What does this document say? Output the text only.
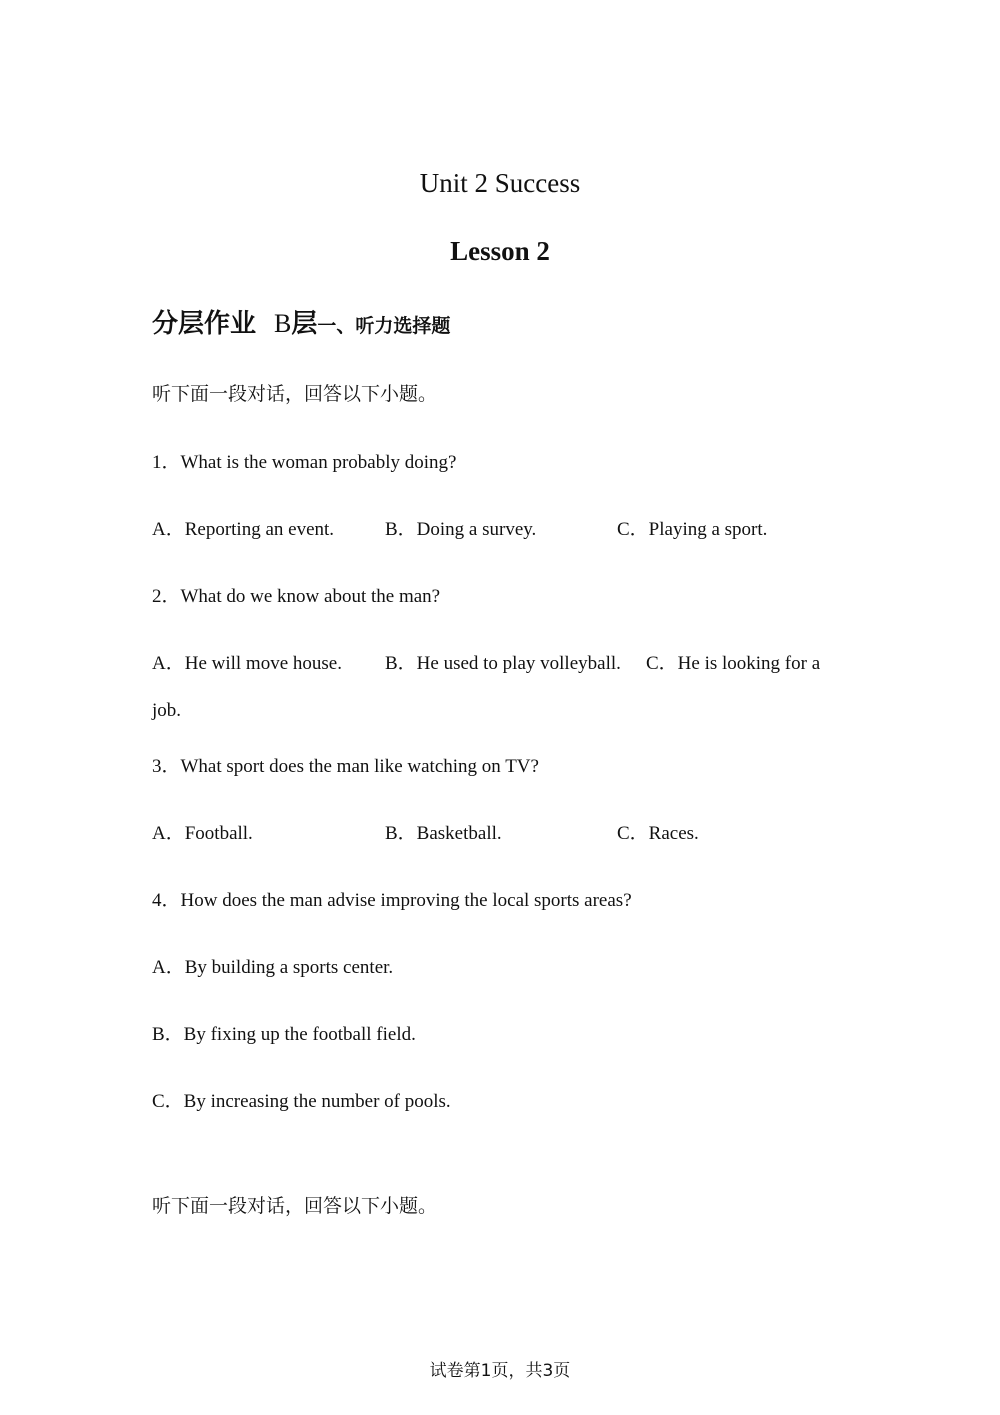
Unit 2 Success
Lesson 2
分层作业 B层一、听力选择题
听下面一段对话，回答以下小题。
1．What is the woman probably doing?
A．Reporting an event.	B．Doing a survey.	C．Playing a sport.
2．What do we know about the man?
A．He will move house. B．He used to play volleyball. C．He is looking for a
job.
3．What sport does the man like watching on TV?
A．Football.	B．Basketball.	C．Races.
4．How does the man advise improving the local sports areas?
A．By building a sports center.
B．By fixing up the football field.
C．By increasing the number of pools.
听下面一段对话，回答以下小题。
试卷第1页，共3页
